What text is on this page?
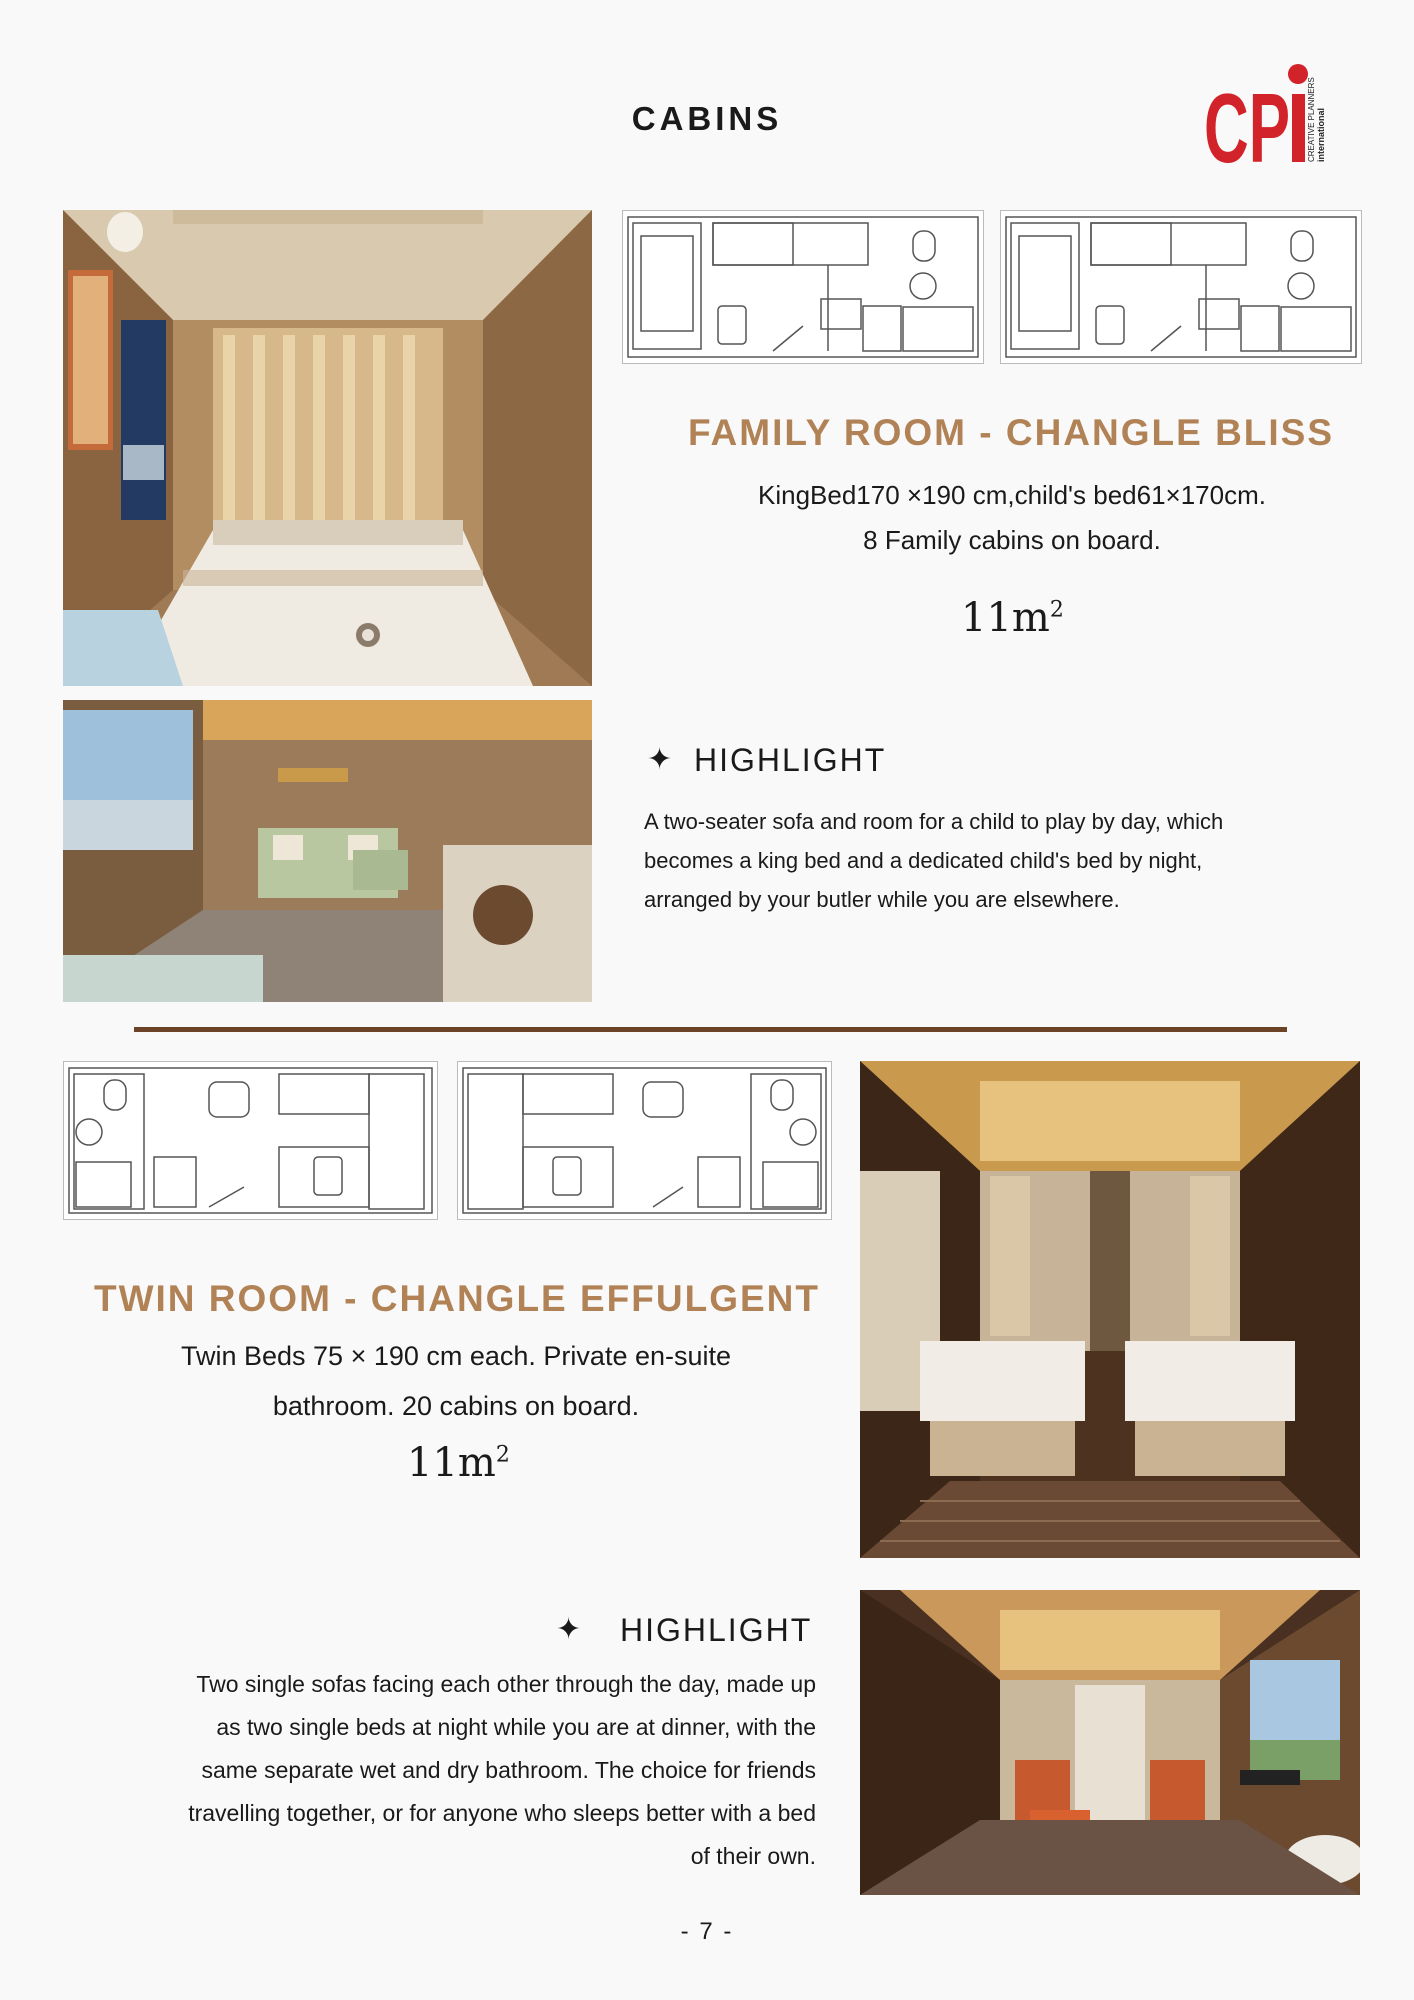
CABINS	CP CREATIVE PLANNERS international
FAMILY ROOM - CHANGLE BLISS
KingBed170 ×190 cm,child's bed61×170cm.
8 Family cabins on board.
$11m^2$
✦ HIGHLIGHT
A two-seater sofa and room for a child to play by day, which
becomes a king bed and a dedicated child's bed by night,
arranged by your butler while you are elsewhere.
TWIN ROOM - CHANGLE EFFULGENT
Twin Beds 75 × 190 cm each. Private en-suite
bathroom. 20 cabins on board.
$11m^2$
✦ HIGHLIGHT
Two single sofas facing each other through the day, made up
as two single beds at night while you are at dinner, with the
same separate wet and dry bathroom. The choice for friends
travelling together, or for anyone who sleeps better with a bed
of their own.
- 7 -
